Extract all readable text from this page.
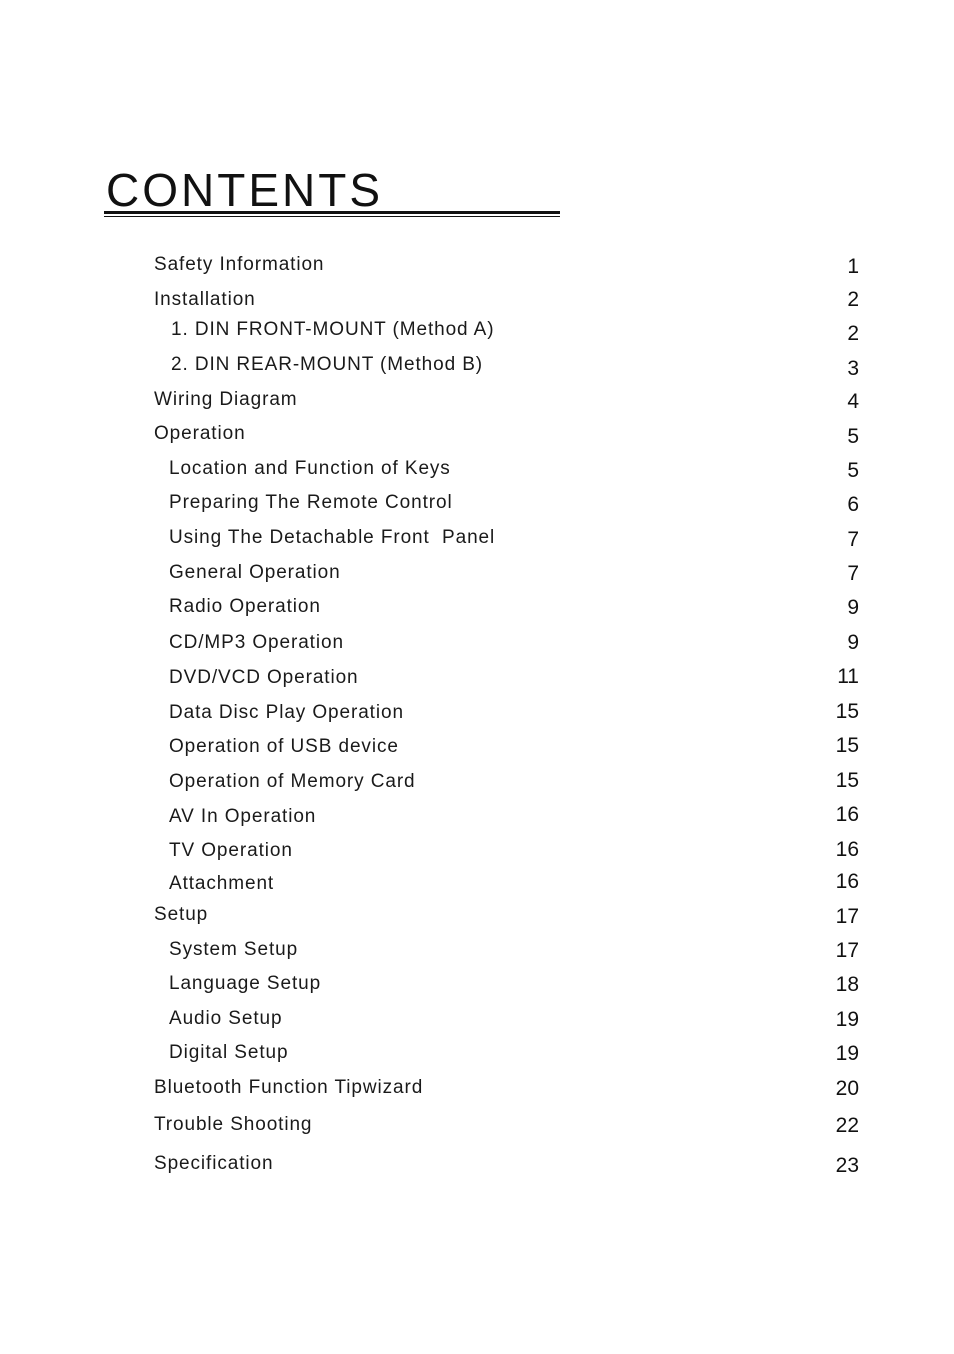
CONTENTS
Safety Information	1
Installation	2
1. DIN FRONT-MOUNT (Method A)	2
2. DIN REAR-MOUNT (Method B)	3
Wiring Diagram	4
Operation	5
Location and Function of Keys	5
Preparing The Remote Control	6
Using The Detachable Front  Panel	7
General Operation	7
Radio Operation	9
CD/MP3 Operation	9
DVD/VCD Operation	11
Data Disc Play Operation	15
Operation of USB device	15
Operation of Memory Card	15
AV In Operation	16
TV Operation	16
Attachment	16
Setup	17
System Setup	17
Language Setup	18
Audio Setup	19
Digital Setup	19
Bluetooth Function Tipwizard	20
Trouble Shooting	22
Specification	23
